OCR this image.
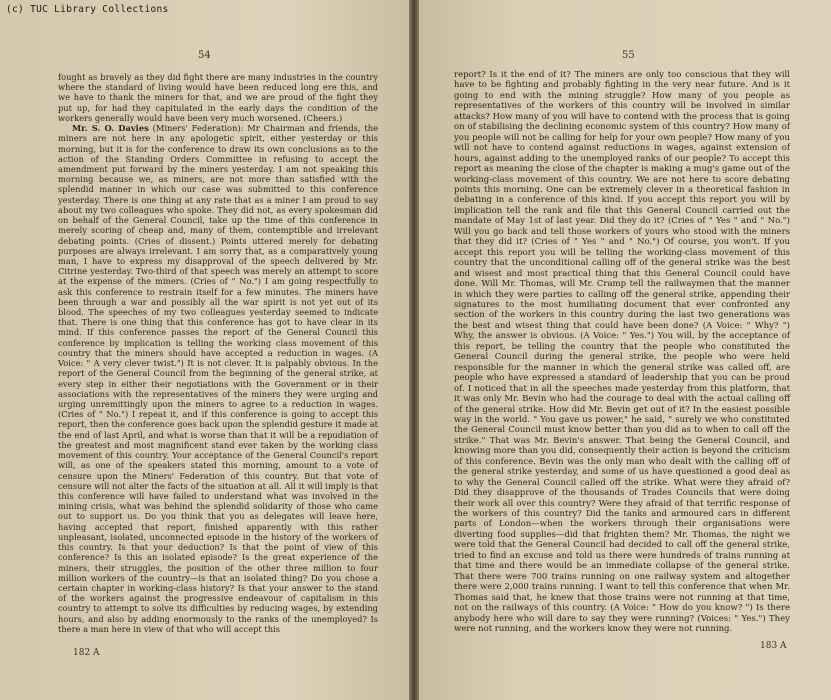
54

fought as bravely as they did fight there are many industries in the country where the standard of living would have been reduced long ere this, and we have to thank the miners for that, and we are proud of the fight they put up, for had they capitulated in the early days the condition of the workers generally would have been very much worsened. (Cheers.)

Mr. S. O. Davies (Miners' Federation): Mr Chairman and friends, the miners are not here in any apologetic spirit, either yesterday or this morning, but it is for the conference to draw its own conclusions as to the action of the Standing Orders Committee in refusing to accept the amendment put forward by the miners yesterday. I am not speaking this morning because we, as miners, are not more than satisfied with the splendid manner in which our case was submitted to this conference yesterday. There is one thing at any rate that as a miner I am proud to say about my two colleagues who spoke. They did not, as every spokesman did on behalf of the General Council, take up the time of this conference in merely scoring of cheap and, many of them, contemptible and irrelevant debating points. (Cries of dissent.) Points uttered merely for debating purposes are always irrelevant. I am sorry that, as a comparatively young man, I have to express my disapproval of the speech delivered by Mr. Citrine yesterday. Two-third of that speech was merely an attempt to score at the expense of the miners. (Cries of " No.") I am going respectfully to ask this conference to restrain itself for a few minutes. The miners have been through a war and possibly all the war spirit is not yet out of its blood. The speeches of my two colleagues yesterday seemed to indicate that. There is one thing that this conference has got to have clear in its mind. If this conference passes the report of the General Council this conference by implication is telling the working class movement of this country that the miners should have accepted a reduction in wages. (A Voice: " A very clever twist.") It is not clever. It is palpably obvious. In the report of the General Council from the beginning of the general strike, at every step in either their negotiations with the Government or in their associations with the representatives of the miners they were urging and urging unremittingly upon the miners to agree to a reduction in wages. (Cries of " No.") I repeat it, and if this conference is going to accept this report, then the conference goes back upon the splendid gesture it made at the end of last April, and what is worse than that it will be a repudiation of the greatest and most magnificent stand ever taken by the working class movement of this country. Your acceptance of the General Council's report will, as one of the speakers stated this morning, amount to a vote of censure upon the Miners' Federation of this country. But that vote of censure will not alter the facts of the situation at all. All it will imply is that this conference will have failed to understand what was involved in the mining crisis, what was behind the splendid solidarity of those who came out to support us. Do you think that you as delegates will leave here, having accepted that report, finished apparently with this rather unpleasant, isolated, unconnected episode in the history of the workers of this country. Is that your deduction? Is that the point of view of this conference? Is this an isolated episode? Is the great experience of the miners, their struggles, the position of the other three million to four million workers of the country—is that an isolated thing? Do you chose a certain chapter in working-class history? Is that your answer to the stand of the workers against the progressive endeavour of capitalism in this country to attempt to solve its difficulties by reducing wages, by extending hours, and also by adding enormously to the ranks of the unemployed? Is there a man here in view of that who will accept this

182 A
55

report? Is it the end of it? The miners are only too conscious that they will have to be fighting and probably fighting in the very near future. And is it going to end with the mining struggle? How many of you people as representatives of the workers of this country will be involved in similar attacks? How many of you will have to contend with the process that is going on of stabilising the declining economic system of this country? How many of you people will not be calling for help for your own people? How many of you will not have to contend against reductions in wages, against extension of hours, against adding to the unemployed ranks of our people? To accept this report as meaning the close of the chapter is making a mug's game out of the working-class movement of this country. We are not here to score debating points this morning. One can be extremely clever in a theoretical fashion in debating in a conference of this kind. If you accept this report you will by implication tell the rank and file that this General Council carried out the mandate of May 1st of last year. Did they do it? (Cries of " Yes " and " No.") Will you go back and tell those workers of yours who stood with the miners that they did it? (Cries of " Yes " and " No.") Of course, you won't. If you accept this report you will be telling the working-class movement of this country that the unconditional calling off of the general strike was the best and wisest and most practical thing that this General Council could have done. Will Mr. Thomas, will Mr. Cramp tell the railwaymen that the manner in which they were parties to calling off the general strike, appending their signatures to the most humiliating document that ever confronted any section of the workers in this country during the last two generations was the best and wisest thing that could have been done? (A Voice: " Why? ") Why, the answer is obvious. (A Voice: " Yes.") You will, by the acceptance of this report, be telling the country that the people who constituted the General Council during the general strike, the people who were held responsible for the manner in which the general strike was called off, are people who have expressed a standard of leadership that you can be proud of. I noticed that in all the speeches made yesterday from this platform, that it was only Mr. Bevin who had the courage to deal with the actual calling off of the general strike. How did Mr. Bevin get out of it? In the easiest possible way in the world. " You gave us power," he said, " surely we who constituted the General Council must know better than you did as to when to call off the strike." That was Mr. Bevin's answer. That being the General Council, and knowing more than you did, consequently their action is beyond the criticism of this conference. Bevin was the only man who dealt with the calling off of the general strike yesterday, and some of us have questioned a good deal as to why the General Council called off the strike. What were they afraid of? Did they disapprove of the thousands of Trades Councils that were doing their work all over this country? Were they afraid of that terrific response of the workers of this country? Did the tanks and armoured cars in different parts of London—when the workers through their organisations were diverting food supplies—did that frighten them? Mr. Thomas, the night we were told that the General Council had decided to call off the general strike, tried to find an excuse and told us there were hundreds of trains running at that time and there would be an immediate collapse of the general strike. That there were 700 trains running on one railway system and altogether there were 2,000 trains running. I want to tell this conference that when Mr. Thomas said that, he knew that those trains were not running at that time, not on the railways of this country. (A Voice: " How do you know? ") Is there anybody here who will dare to say they were running? (Voices: " Yes.") They were not running, and the workers know they were not running.

183 A
(c) TUC Library Collections
